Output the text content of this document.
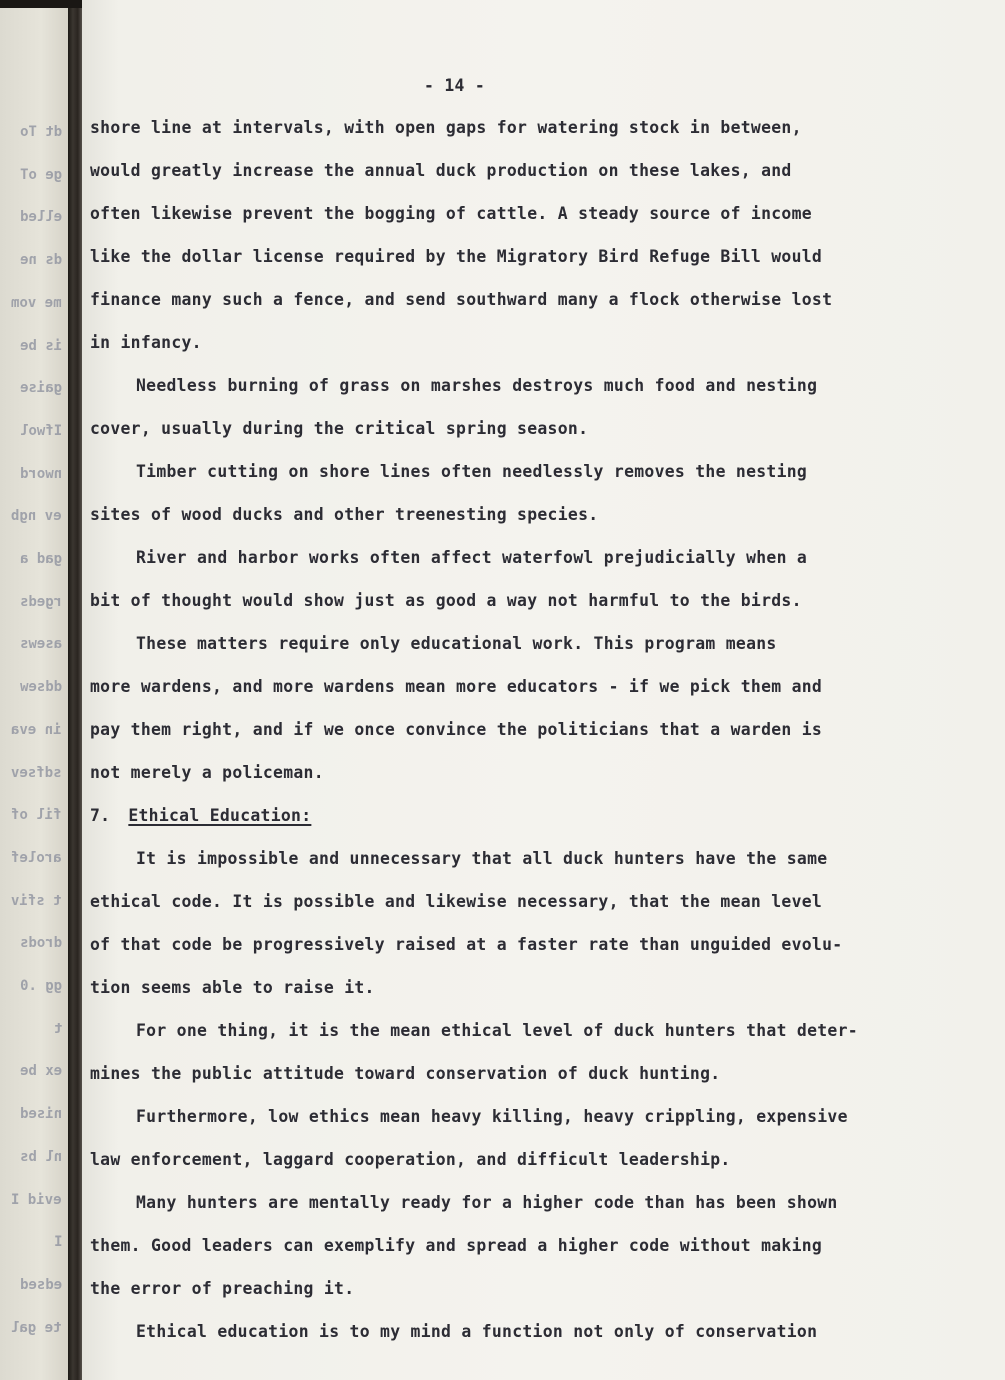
dt To
ge oT
elled
ds ne
me vom
is be
gaise
Ifwol
nword
ev ngb
gad a
rgeds
asews
ddsew
in eva
sdfsev
fil of
arolef
t sfiv
drods
gg .0
t
ex be
nised
nl bs
evid I
I
edsed
te gal
- 14 -
shore line at intervals, with open gaps for watering stock in between,
would greatly increase the annual duck production on these lakes, and
often likewise prevent the bogging of cattle. A steady source of income
like the dollar license required by the Migratory Bird Refuge Bill would
finance many such a fence, and send southward many a flock otherwise lost
in infancy.
Needless burning of grass on marshes destroys much food and nesting
cover, usually during the critical spring season.
Timber cutting on shore lines often needlessly removes the nesting
sites of wood ducks and other treenesting species.
River and harbor works often affect waterfowl prejudicially when a
bit of thought would show just as good a way not harmful to the birds.
These matters require only educational work. This program means
more wardens, and more wardens mean more educators - if we pick them and
pay them right, and if we once convince the politicians that a warden is
not merely a policeman.
7. Ethical Education:
It is impossible and unnecessary that all duck hunters have the same
ethical code. It is possible and likewise necessary, that the mean level
of that code be progressively raised at a faster rate than unguided evolu-
tion seems able to raise it.
For one thing, it is the mean ethical level of duck hunters that deter-
mines the public attitude toward conservation of duck hunting.
Furthermore, low ethics mean heavy killing, heavy crippling, expensive
law enforcement, laggard cooperation, and difficult leadership.
Many hunters are mentally ready for a higher code than has been shown
them. Good leaders can exemplify and spread a higher code without making
the error of preaching it.
Ethical education is to my mind a function not only of conservation
